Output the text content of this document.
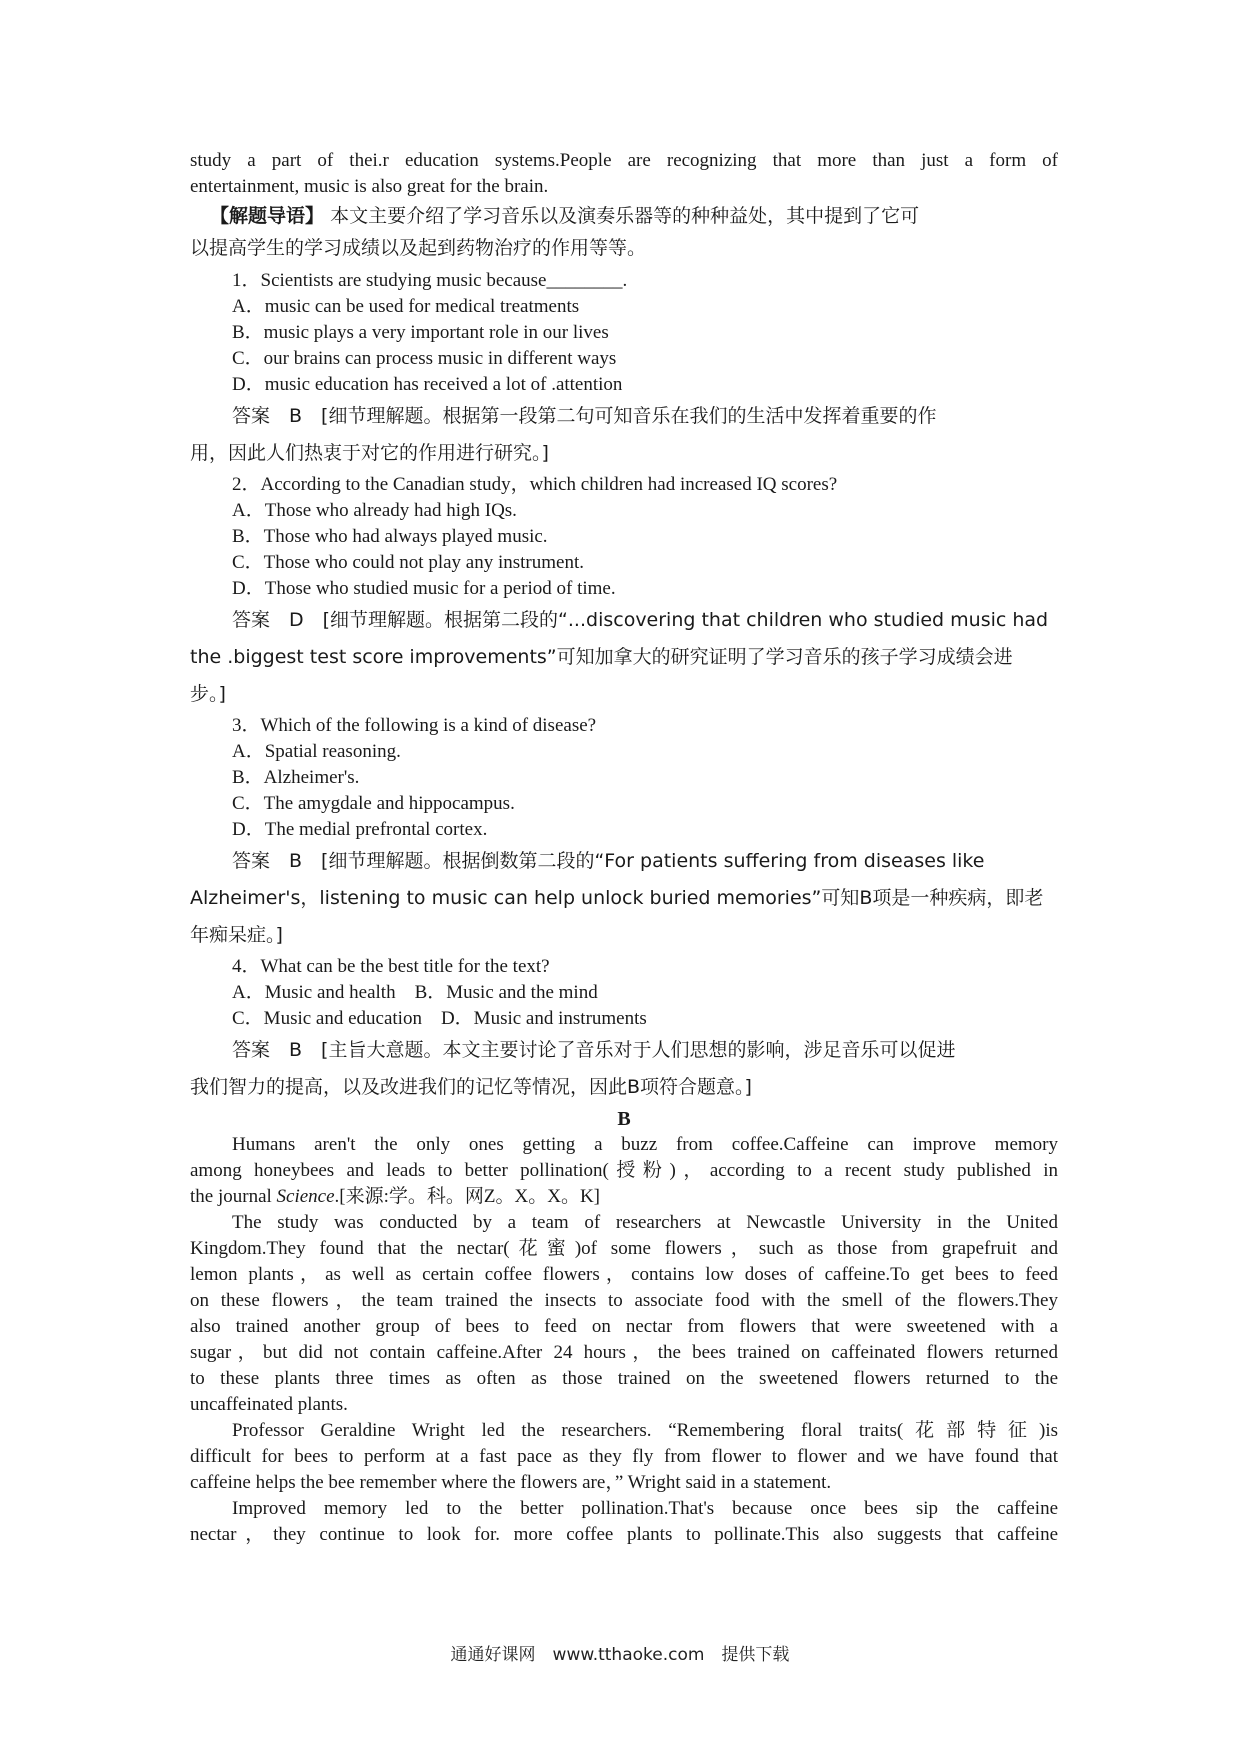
study a part of thei.r education systems.People are recognizing that more than just a form of
entertainment, music is also great for the brain.
【解题导语】 本文主要介绍了学习音乐以及演奏乐器等的种种益处，其中提到了它可
以提高学生的学习成绩以及起到药物治疗的作用等等。
1．Scientists are studying music because________.
A．music can be used for medical treatments
B．music plays a very important role in our lives
C．our brains can process music in different ways
D．music education has received a lot of .attention
答案　B　[细节理解题。根据第一段第二句可知音乐在我们的生活中发挥着重要的作
用，因此人们热衷于对它的作用进行研究。]
2．According to the Canadian study，which children had increased IQ scores?
A．Those who already had high IQs.
B．Those who had always played music.
C．Those who could not play any instrument.
D．Those who studied music for a period of time.
答案　D　[细节理解题。根据第二段的“...discovering that children who studied music had
the .biggest test score improvements”可知加拿大的研究证明了学习音乐的孩子学习成绩会进
步。]
3．Which of the following is a kind of disease?
A．Spatial reasoning.
B．Alzheimer's.
C．The amygdale and hippocampus.
D．The medial prefrontal cortex.
答案　B　[细节理解题。根据倒数第二段的“For patients suffering from diseases like
Alzheimer's，listening to music can help unlock buried memories”可知B项是一种疾病，即老
年痴呆症。]
4．What can be the best title for the text?
A．Music and health　B．Music and the mind
C．Music and education　D．Music and instruments
答案　B　[主旨大意题。本文主要讨论了音乐对于人们思想的影响，涉足音乐可以促进
我们智力的提高，以及改进我们的记忆等情况，因此B项符合题意。]
B
Humans aren't the only ones getting a buzz from coffee.Caffeine can improve memory
among honeybees and leads to better pollination(授粉)，according to a recent study published in
the journal Science.[来源:学。科。网Z。X。X。K]
The study was conducted by a team of researchers at Newcastle University in the United
Kingdom.They found that the nectar(花蜜)of some flowers，such as those from grapefruit and
lemon plants，as well as certain coffee flowers，contains low doses of caffeine.To get bees to feed
on these flowers，the team trained the insects to associate food with the smell of the flowers.They
also trained another group of bees to feed on nectar from flowers that were sweetened with a
sugar，but did not contain caffeine.After 24 hours，the bees trained on caffeinated flowers returned
to these plants three times as often as those trained on the sweetened flowers returned to the
uncaffeinated plants.
Professor Geraldine Wright led the researchers. “Remembering floral traits(花部特征)is
difficult for bees to perform at a fast pace as they fly from flower to flower and we have found that
caffeine helps the bee remember where the flowers are，” Wright said in a statement.
Improved memory led to the better pollination.That's because once bees sip the caffeine
nectar，they continue to look for. more coffee plants to pollinate.This also suggests that caffeine
通通好课网　www.tthaoke.com　提供下载
